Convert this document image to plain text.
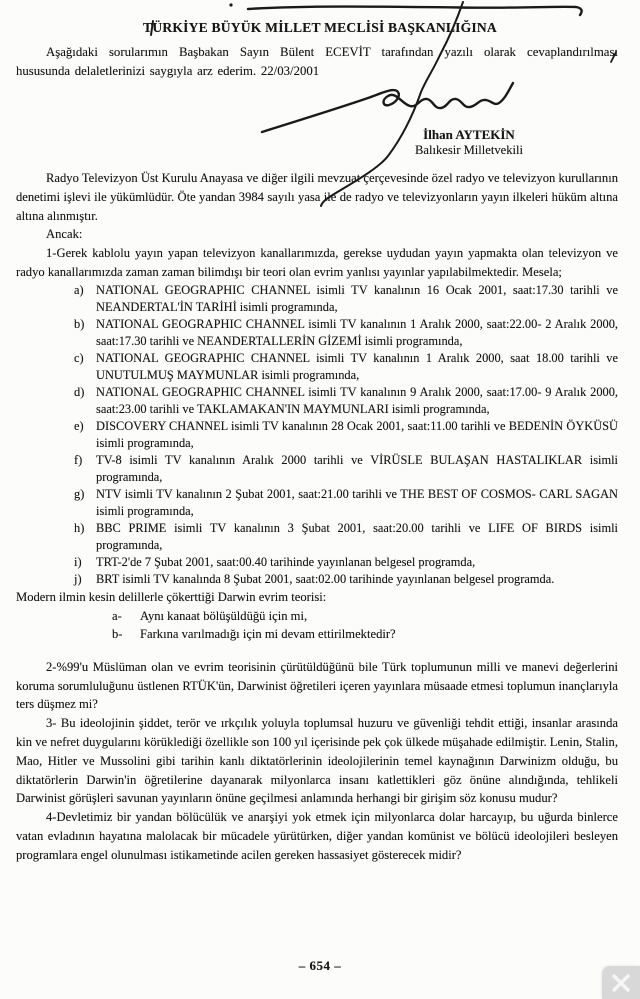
TÜRKİYE BÜYÜK MİLLET MECLİSİ BAŞKANLIĞINA

Aşağıdaki sorularımın Başbakan Sayın Bülent ECEVİT tarafından yazılı olarak cevaplandırılması hususunda delaletlerinizi saygıyla arz ederim. 22/03/2001

İlhan AYTEKİN
Balıkesir Milletvekili

Radyo Televizyon Üst Kurulu Anayasa ve diğer ilgili mevzuat çerçevesinde özel radyo ve televizyon kurullarının denetimi işlevi ile yükümlüdür. Öte yandan 3984 sayılı yasa ile de radyo ve televizyonların yayın ilkeleri hüküm altına altına alınmıştır.

Ancak:

1-Gerek kablolu yayın yapan televizyon kanallarımızda, gerekse uydudan yayın yapmakta olan televizyon ve radyo kanallarımızda zaman zaman bilimdışı bir teori olan evrim yanlısı yayınlar yapılabilmektedir. Mesela;

a) NATIONAL GEOGRAPHIC CHANNEL isimli TV kanalının 16 Ocak 2001, saat:17.30 tarihli ve NEANDERTAL'İN TARİHİ isimli programında,
b) NATIONAL GEOGRAPHIC CHANNEL isimli TV kanalının 1 Aralık 2000, saat:22.00- 2 Aralık 2000, saat:17.30 tarihli ve NEANDERTALLERİN GİZEMİ isimli programında,
c) NATIONAL GEOGRAPHIC CHANNEL isimli TV kanalının 1 Aralık 2000, saat 18.00 tarihli ve UNUTULMUŞ MAYMUNLAR isimli programında,
d) NATIONAL GEOGRAPHIC CHANNEL isimli TV kanalının 9 Aralık 2000, saat:17.00- 9 Aralık 2000, saat:23.00 tarihli ve TAKLAMAKAN'IN MAYMUNLARI isimli programında,
e) DISCOVERY CHANNEL isimli TV kanalının 28 Ocak 2001, saat:11.00 tarihli ve BEDENİN ÖYKÜSÜ isimli programında,
f)	TV-8 isimli TV kanalının Aralık 2000 tarihli ve VİRÜSLE BULAŞAN HASTALIKLAR isimli programında,
g) NTV isimli TV kanalının 2 Şubat 2001, saat:21.00 tarihli ve THE BEST OF COSMOS- CARL SAGAN isimli programında,
h) BBC PRIME isimli TV kanalının 3 Şubat 2001, saat:20.00 tarihli ve LIFE OF BIRDS isimli programında,
i)	TRT-2'de 7 Şubat 2001, saat:00.40 tarihinde yayınlanan belgesel programda,
j)	BRT isimli TV kanalında 8 Şubat 2001, saat:02.00 tarihinde yayınlanan belgesel programda.

Modern ilmin kesin delillerle çökerttiği Darwin evrim teorisi:

a-	Aynı kanaat bölüşüldüğü için mi,
b-	Farkına varılmadığı için mi devam ettirilmektedir?

2-%99'u Müslüman olan ve evrim teorisinin çürütüldüğünü bile Türk toplumunun milli ve manevi değerlerini koruma sorumluluğunu üstlenen RTÜK'ün, Darwinist öğretileri içeren yayınlara müsaade etmesi toplumun inançlarıyla ters düşmez mi?

3- Bu ideolojinin şiddet, terör ve ırkçılık yoluyla toplumsal huzuru ve güvenliği tehdit ettiği, insanlar arasında kin ve nefret duygularını körüklediği özellikle son 100 yıl içerisinde pek çok ülkede müşahade edilmiştir. Lenin, Stalin, Mao, Hitler ve Mussolini gibi tarihin kanlı diktatörlerinin ideolojilerinin temel kaynağının Darwinizm olduğu, bu diktatörlerin Darwin'in öğretilerine dayanarak milyonlarca insanı katlettikleri göz önüne alındığında, tehlikeli Darwinist görüşleri savunan yayınların önüne geçilmesi anlamında herhangi bir girişim söz konusu mudur?

4-Devletimiz bir yandan bölücülük ve anarşiyi yok etmek için milyonlarca dolar harcayıp, bu uğurda binlerce vatan evladının hayatına malolacak bir mücadele yürütürken, diğer yandan komünist ve bölücü ideolojileri besleyen programlara engel olunulması istikametinde acilen gereken hassasiyet gösterecek midir?

– 654 –
